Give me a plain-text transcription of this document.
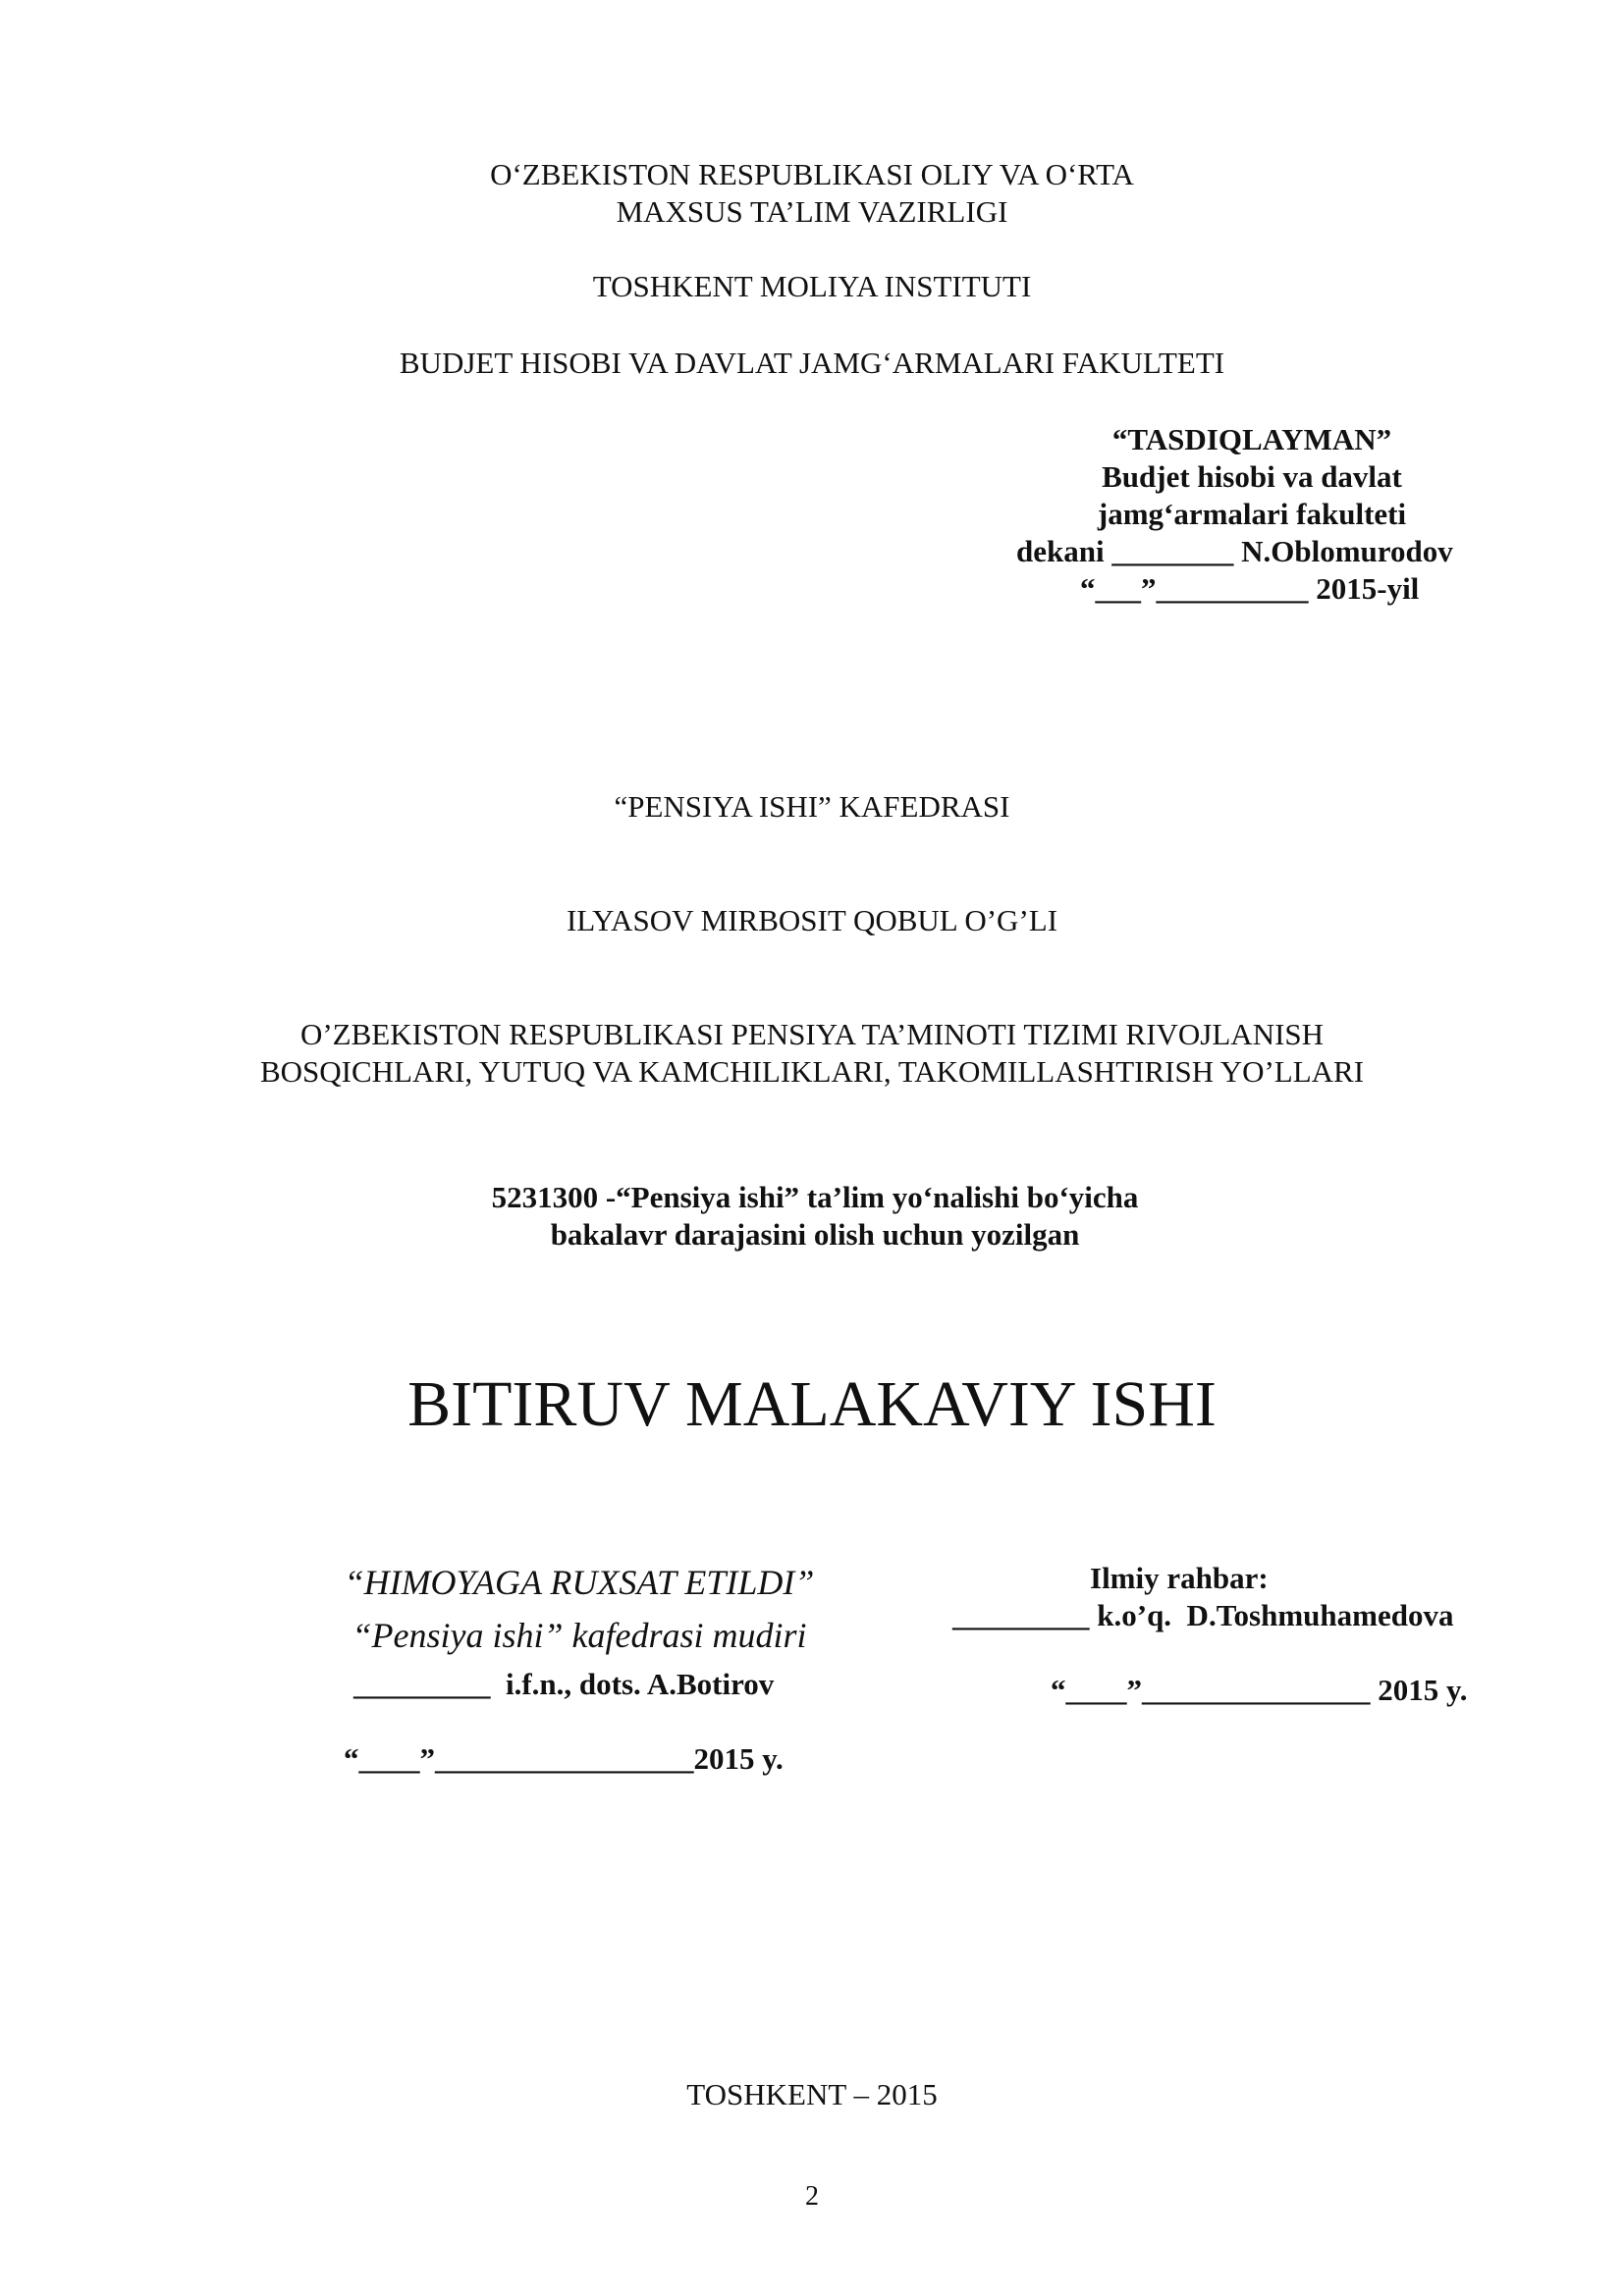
O‘ZBEKISTON RESPUBLIKASI OLIY VA O‘RTA
MAXSUS TA’LIM VAZIRLIGI
TOSHKENT MOLIYA INSTITUTI
BUDJET HISOBI VA DAVLAT JAMG‘ARMALARI FAKULTETI
“TASDIQLAYMAN”
Budjet hisobi va davlat
jamg‘armalari fakulteti
dekani ________ N.Oblomurodov
“___”__________ 2015-yil
“PENSIYA ISHI” KAFEDRASI
ILYASOV MIRBOSIT QOBUL O’G’LI
O’ZBEKISTON RESPUBLIKASI PENSIYA TA’MINOTI TIZIMI RIVOJLANISH
BOSQICHLARI, YUTUQ VA KAMCHILIKLARI, TAKOMILLASHTIRISH YO’LLARI
5231300 -“Pensiya ishi” ta’lim yo‘nalishi bo‘yicha
bakalavr darajasini olish uchun yozilgan
BITIRUV MALAKAVIY ISHI
“HIMOYAGA RUXSAT ETILDI”
“Pensiya ishi” kafedrasi mudiri
_________  i.f.n., dots. A.Botirov
“____”_________________2015 y.
Ilmiy rahbar:
_________ k.o’q.  D.Toshmuhamedova
“____”_______________ 2015 y.
TOSHKENT – 2015
2
